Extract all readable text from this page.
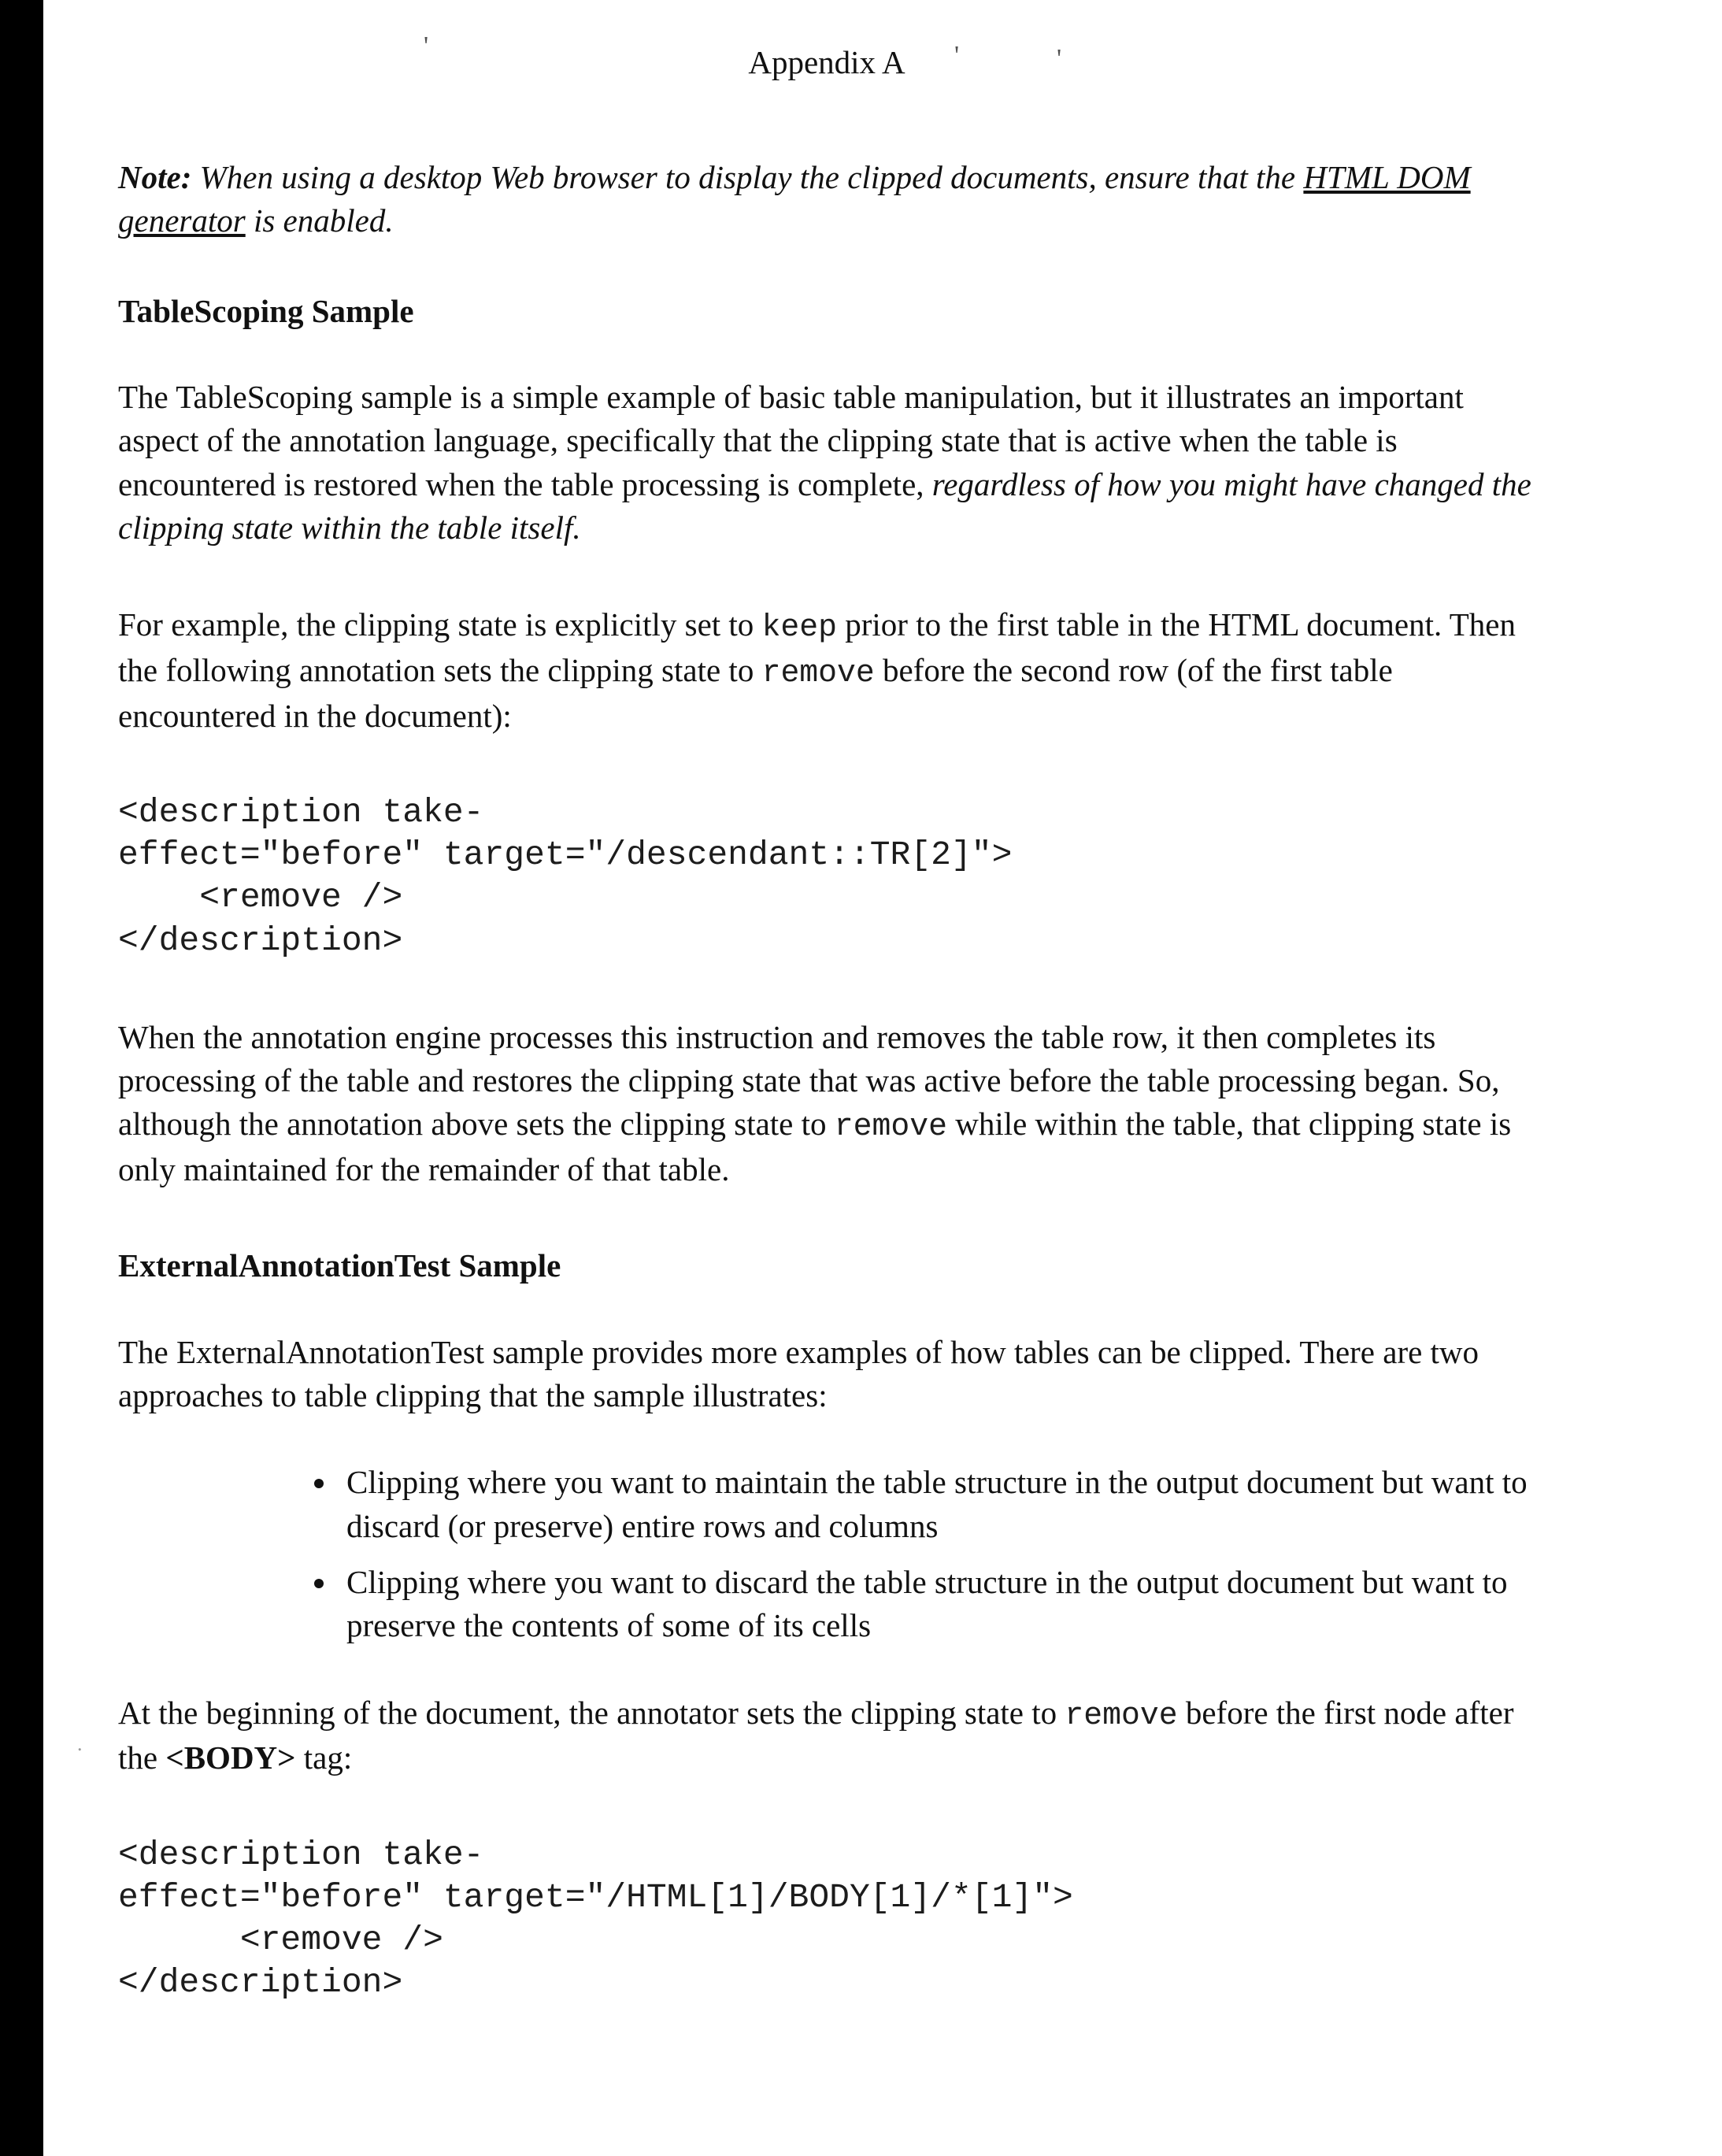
'	'	'
.
Appendix A

Note: When using a desktop Web browser to display the clipped documents, ensure that the HTML DOM generator is enabled.

TableScoping Sample

The TableScoping sample is a simple example of basic table manipulation, but it illustrates an important aspect of the annotation language, specifically that the clipping state that is active when the table is encountered is restored when the table processing is complete, regardless of how you might have changed the clipping state within the table itself.

For example, the clipping state is explicitly set to keep prior to the first table in the HTML document. Then the following annotation sets the clipping state to remove before the second row (of the first table encountered in the document):

<description take-
effect="before" target="/descendant::TR[2]">
<remove />
</description>

When the annotation engine processes this instruction and removes the table row, it then completes its processing of the table and restores the clipping state that was active before the table processing began. So, although the annotation above sets the clipping state to remove while within the table, that clipping state is only maintained for the remainder of that table.

ExternalAnnotationTest Sample

The ExternalAnnotationTest sample provides more examples of how tables can be clipped. There are two approaches to table clipping that the sample illustrates:

• Clipping where you want to maintain the table structure in the output document but want to discard (or preserve) entire rows and columns
• Clipping where you want to discard the table structure in the output document but want to preserve the contents of some of its cells

At the beginning of the document, the annotator sets the clipping state to remove before the first node after the <BODY> tag:

<description take-
effect="before" target="/HTML[1]/BODY[1]/*[1]">
<remove />
</description>
